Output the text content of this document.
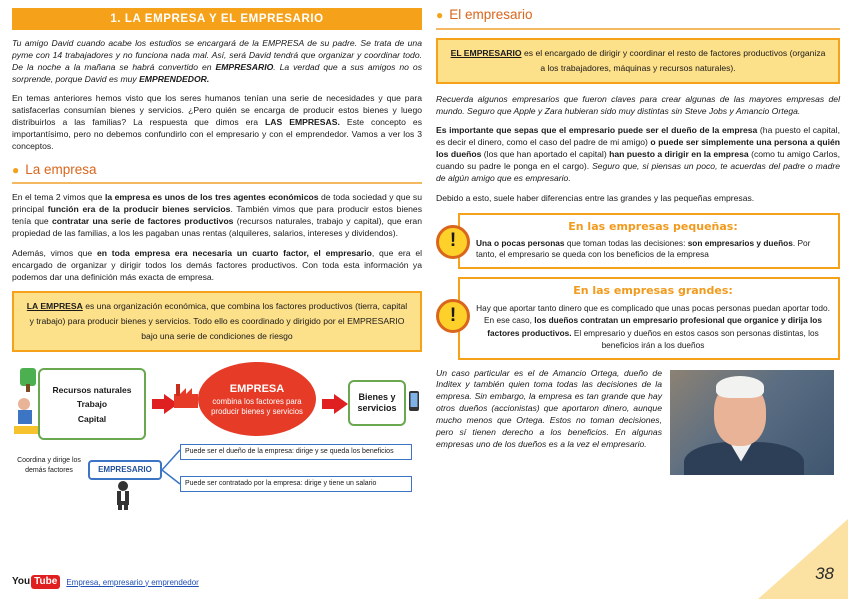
1. LA EMPRESA Y EL EMPRESARIO

Tu amigo David cuando acabe los estudios se encargará de la EMPRESA de su padre. Se trata de una pyme con 14 trabajadores y no funciona nada mal. Así, será David tendrá que organizar y coordinar todo. De la noche a la mañana se habrá convertido en EMPRESARIO. La verdad que a sus amigos no os sorprende, porque David es muy EMPRENDEDOR.

En temas anteriores hemos visto que los seres humanos tenían una serie de necesidades y que para satisfacerlas consumían bienes y servicios. ¿Pero quién se encarga de producir estos bienes y luego distribuirlos a las familias? La respuesta que dimos era LAS EMPRESAS. Este concepto es importantísimo, pero no debemos confundirlo con el empresario y con el emprendedor. Vamos a ver los 3 conceptos.

● La empresa

En el tema 2 vimos que la empresa es unos de los tres agentes económicos de toda sociedad y que su principal función era de la producir bienes servicios. También vimos que para producir estos bienes tenía que contratar una serie de factores productivos (recursos naturales, trabajo y capital), que eran propiedad de las familias, a los les pagaban unas rentas (alquileres, salarios, intereses y dividendos).

Además, vimos que en toda empresa era necesaria un cuarto factor, el empresario, que era el encargado de organizar y dirigir todos los demás factores productivos. Con toda esta información ya podemos dar una definición más exacta de empresa.

LA EMPRESA es una organización económica, que combina los factores productivos (tierra, capital y trabajo) para producir bienes y servicios. Todo ello es coordinado y dirigido por el EMPRESARIO bajo una serie de condiciones de riesgo
Recursos naturales
Trabajo
Capital
EMPRESA
combina los factores para producir bienes y servicios
Bienes y servicios
Coordina y dirige los demás factores	EMPRESARIO
Puede ser el dueño de la empresa: dirige y se queda los beneficios
Puede ser contratado por la empresa: dirige y tiene un salario
You Tube	Empresa, empresario y emprendedor
● El empresario
EL EMPRESARIO es el encargado de dirigir y coordinar el resto de factores productivos (organiza a los trabajadores, máquinas y recursos naturales).

Recuerda algunos empresarios que fueron claves para crear algunas de las mayores empresas del mundo. Seguro que Apple y Zara hubieran sido muy distintas sin Steve Jobs y Amancio Ortega.

Es importante que sepas que el empresario puede ser el dueño de la empresa (ha puesto el capital, es decir el dinero, como el caso del padre de mi amigo) o puede ser simplemente una persona a quién los dueños (los que han aportado el capital) han puesto a dirigir en la empresa (como tu amigo Carlos, cuando su padre le ponga en el cargo). Seguro que, si piensas un poco, te acuerdas del padre o madre de algún amigo que es empresario.

Debido a esto, suele haber diferencias entre las grandes y las pequeñas empresas.

En las empresas pequeñas:
Una o pocas personas que toman todas las decisiones: son empresarios y dueños. Por tanto, el empresario se queda con los beneficios de la empresa
!
En las empresas grandes:
Hay que aportar tanto dinero que es complicado que unas pocas personas puedan aportar todo. En ese caso, los dueños contratan un empresario profesional que organice y dirija los factores productivos. El empresario y dueños en estos casos son personas distintas, los beneficios irán a los dueños
!

Un caso particular es el de Amancio Ortega, dueño de Inditex y también quien toma todas las decisiones de la empresa. Sin embargo, la empresa es tan grande que hay otros dueños (accionistas) que aportaron dinero, aunque mucho menos que Ortega. Estos no toman decisiones, pero sí tienen derecho a los beneficios. En algunas empresas uno de los dueños es a la vez el empresario.

38
